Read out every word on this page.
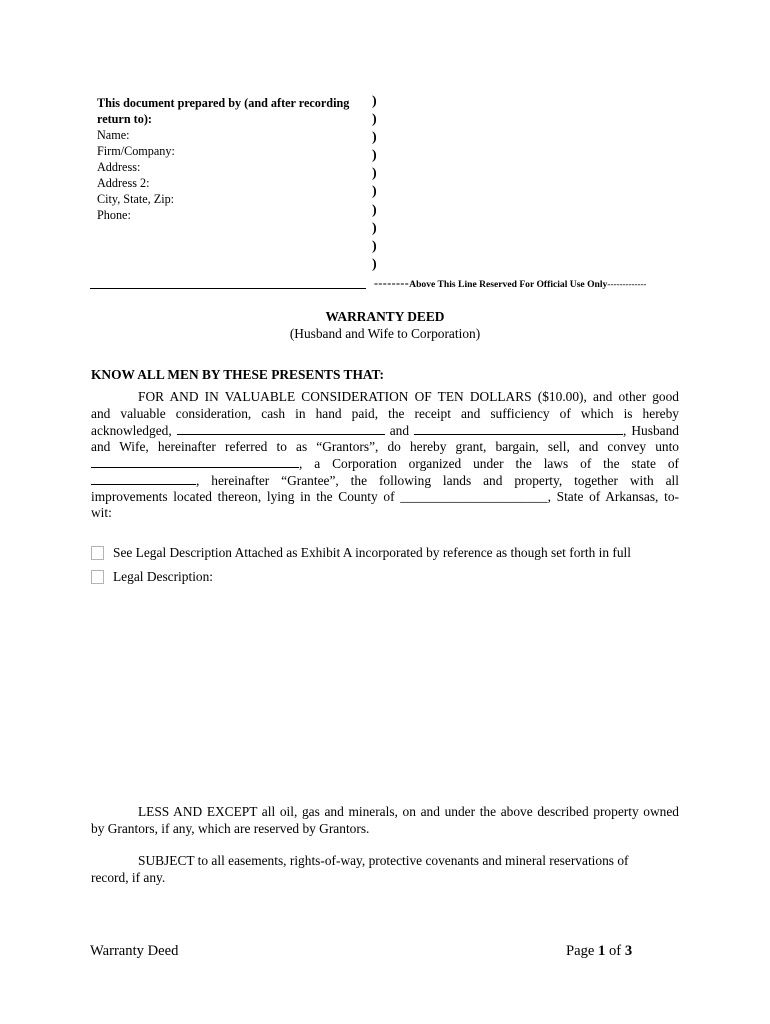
This document prepared by (and after recording
return to):
Name:
Firm/Company:
Address:
Address 2:
City, State, Zip:
Phone:
)
)
)
)
)
)
)
)
)
)
--------Above This Line Reserved For Official Use Only-------------
WARRANTY DEED
(Husband and Wife to Corporation)
KNOW ALL MEN BY THESE PRESENTS THAT:
FOR AND IN VALUABLE CONSIDERATION OF TEN DOLLARS ($10.00), and other good
and valuable consideration, cash in hand paid, the receipt and sufficiency of which is hereby
acknowledged,	and	, Husband
and Wife, hereinafter referred to as “Grantors”, do hereby grant, bargain, sell, and convey unto
, a Corporation organized under the laws of the state of
, hereinafter “Grantee”, the following lands and property, together with all
improvements located thereon, lying in the County of ______________________, State of Arkansas, to-
wit:
See Legal Description Attached as Exhibit A incorporated by reference as though set forth in full
Legal Description:
LESS AND EXCEPT all oil, gas and minerals, on and under the above described property owned
by Grantors, if any, which are reserved by Grantors.
SUBJECT to all easements, rights-of-way, protective covenants and mineral reservations of
record, if any.
Warranty Deed	Page 1 of 3
